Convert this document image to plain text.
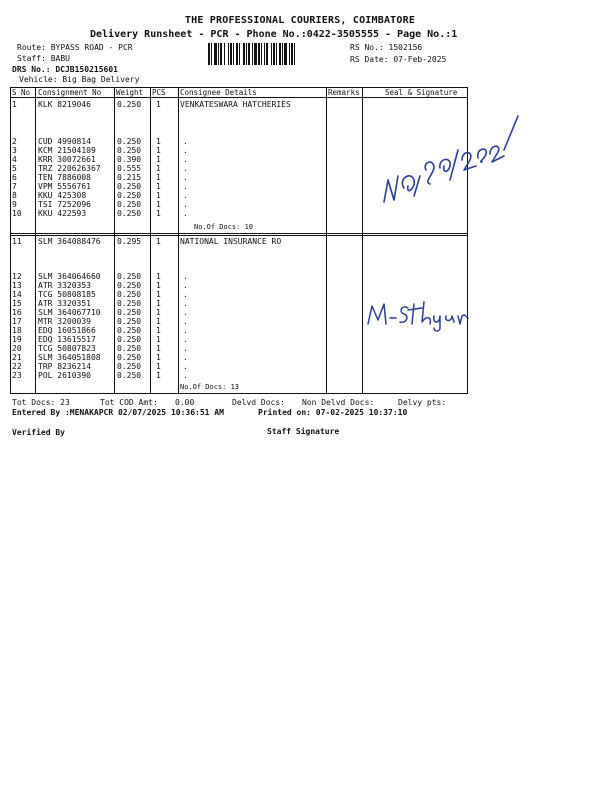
THE PROFESSIONAL COURIERS, COIMBATORE
Delivery Runsheet - PCR - Phone No.:0422-3505555 - Page No.:1
Route: BYPASS ROAD - PCR
Staff: BABU
DRS No.: DCJB150215601
Vehicle: Big Bag Delivery
RS No.: 1502156
RS Date: 07-Feb-2025
S No Consignment No Weight PCS Consignee Details	Remarks	Seal & Signature
1	KLK 8219046	0.250 1 VENKATESWARA HATCHERIES
2	CUD 4990814	0.250 1	.
3	KCM 21504109	0.250 1	.
4	KRR 30072661	0.390 1	.
5	TRZ 220626367 0.555 1	.
6	TEN 7886008	0.215 1	.
7	VPM 5556761	0.250 1	.
8	KKU 425308	0.250 1	.
9	TSI 7252096	0.250 1	.
10 KKU 422593	0.250 1	.
11 SLM 364088476 0.295 1 NATIONAL INSURANCE RO
12 SLM 364064660 0.250 1	.
13 ATR 3320353	0.250 1	.
14 TCG 50808185	0.250 1	.
15 ATR 3320351	0.250 1	.
16 SLM 364067710 0.250 1	.
17 MTR 3200039	0.250 1	.
18 EDQ 16051866	0.250 1	.
19 EDQ 13615517	0.250 1	.
20 TCG 50807823	0.250 1	.
21 SLM 364051808 0.250 1	.
22 TRP 8236214	0.250 1	.
23 POL 2610390	0.250 1	.
No.Of Docs: 10
No.Of Docs: 13
Tot Docs: 23	Tot COD Amt: 0.00	Delvd Docs: Non Delvd Docs:	Delvy pts:
Entered By :MENAKAPCR 02/07/2025 10:36:51 AM	Printed on: 07-02-2025 10:37:10
Verified By	Staff Signature
